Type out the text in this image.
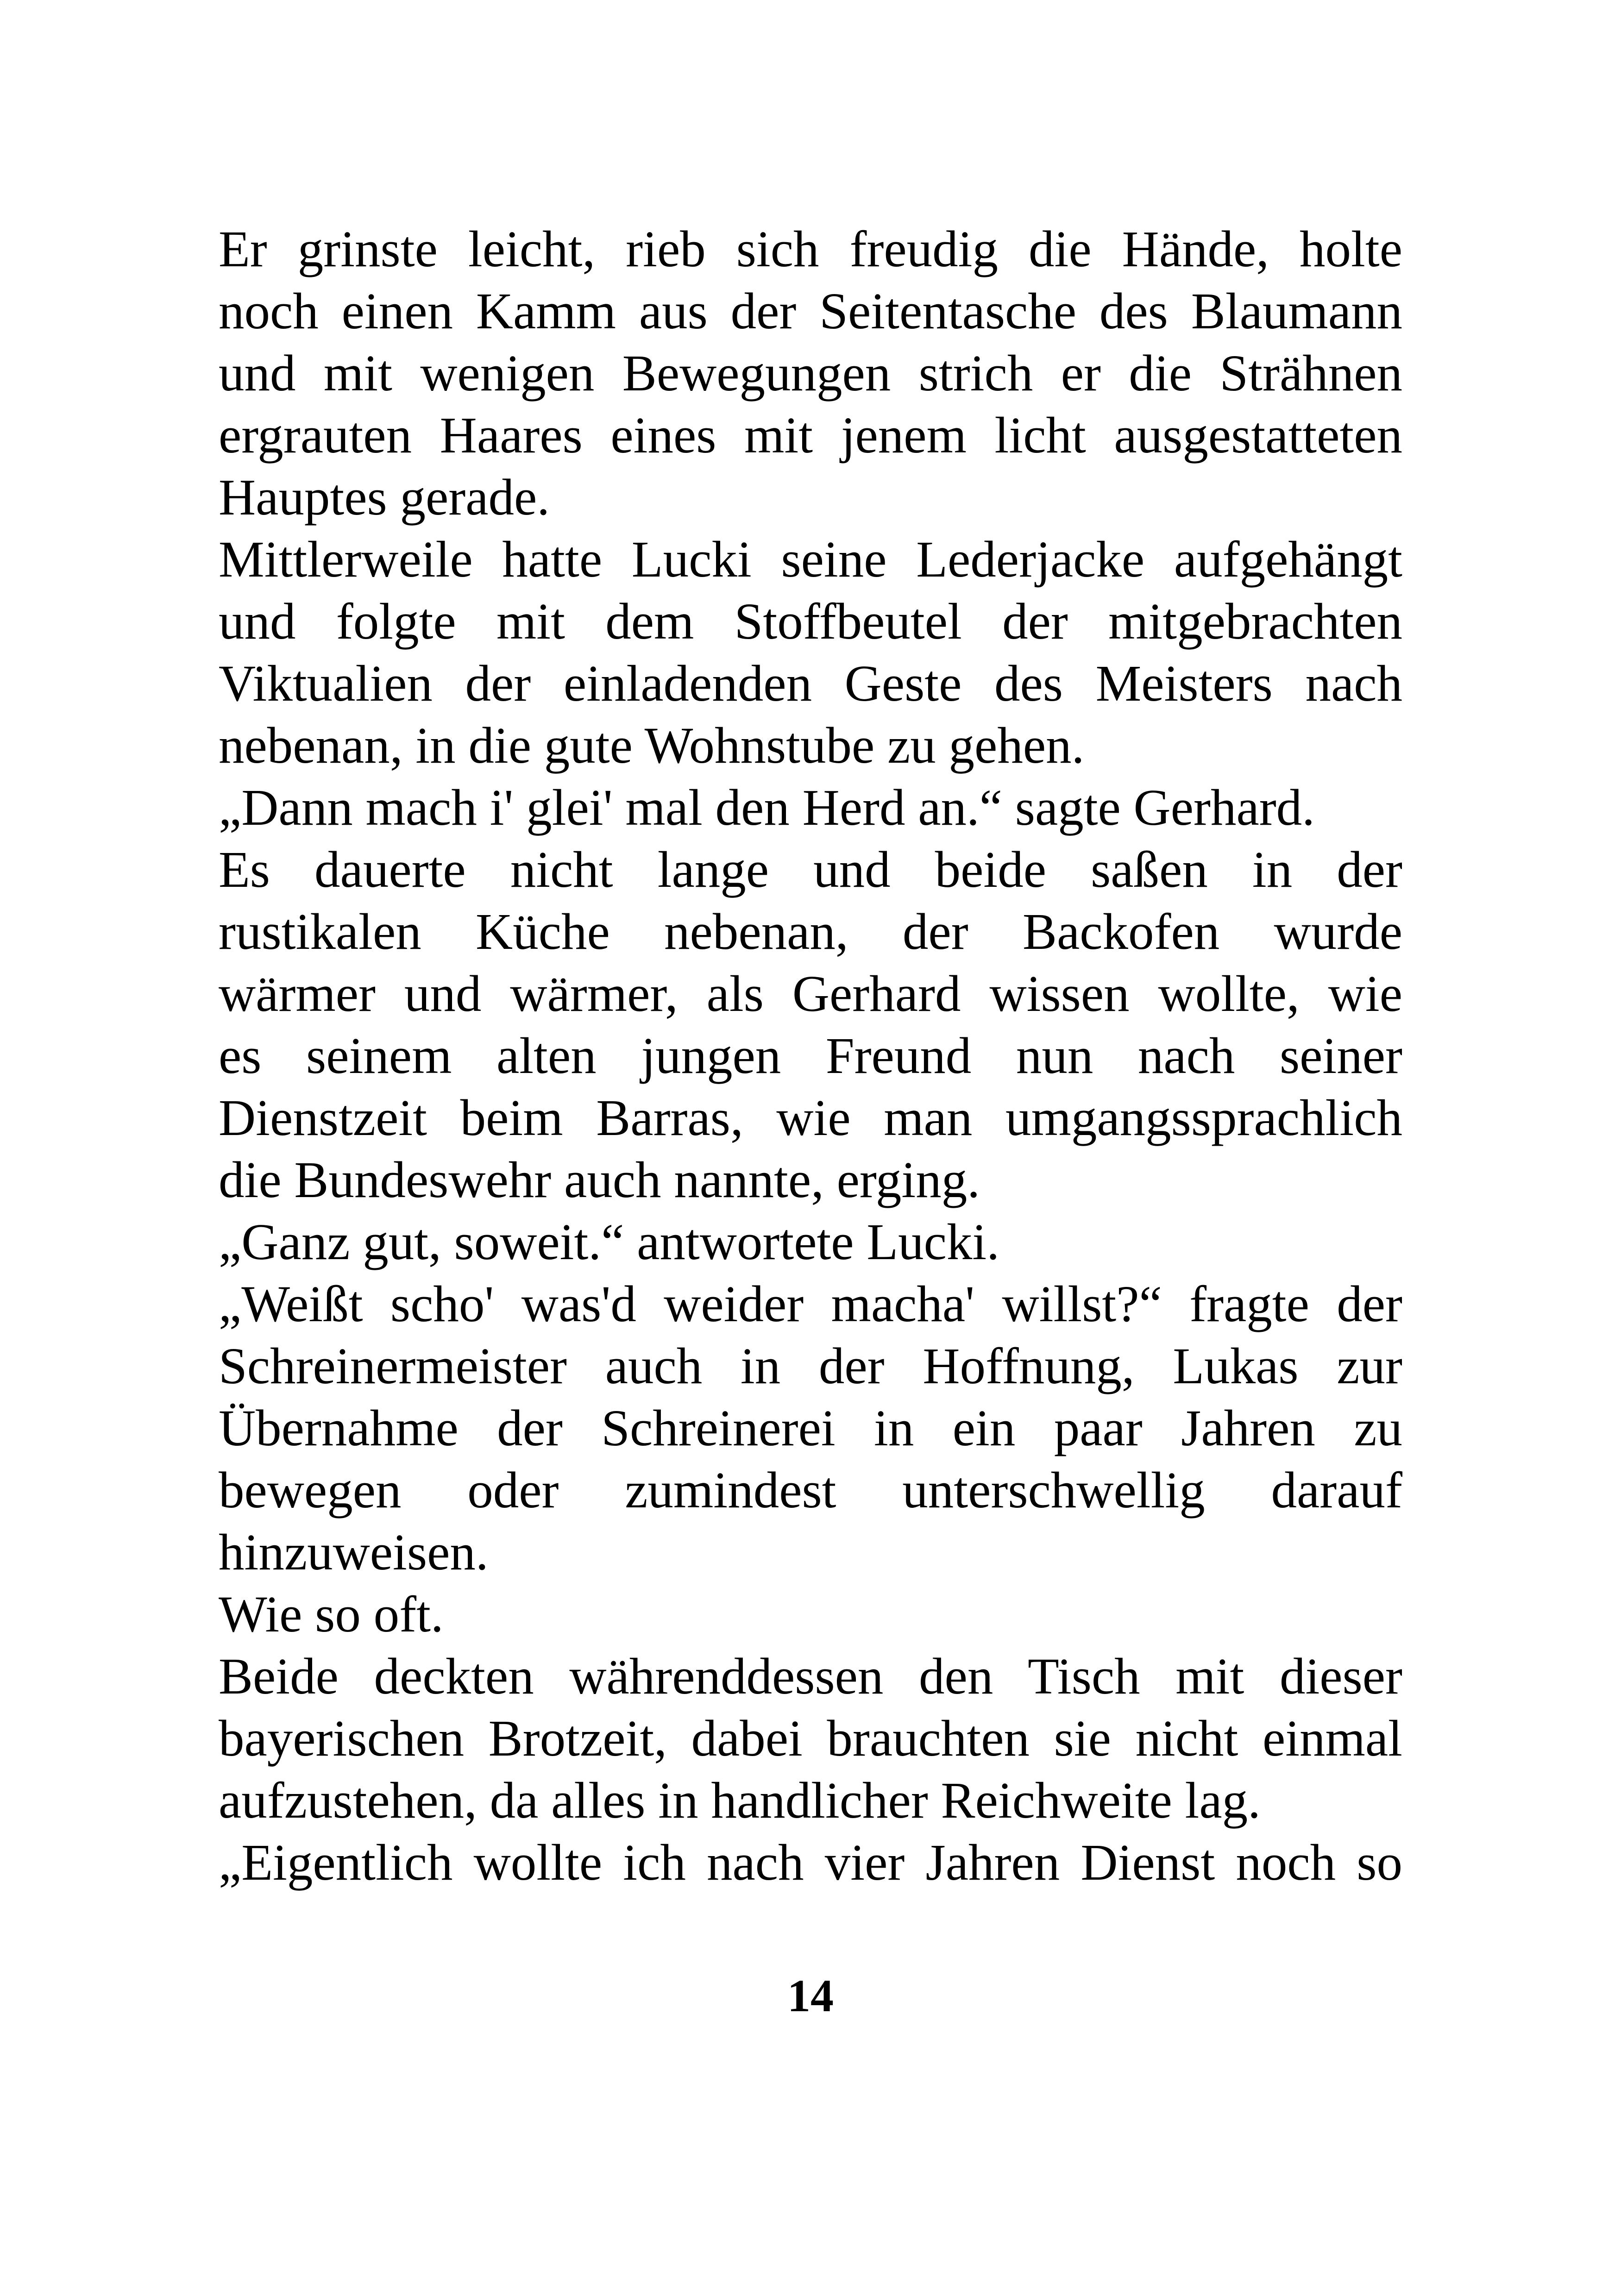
Er grinste leicht, rieb sich freudig die Hände, holte
noch einen Kamm aus der Seitentasche des Blaumann
und mit wenigen Bewegungen strich er die Strähnen
ergrauten Haares eines mit jenem licht ausgestatteten
Hauptes gerade.
Mittlerweile hatte Lucki seine Lederjacke aufgehängt
und folgte mit dem Stoffbeutel der mitgebrachten
Viktualien der einladenden Geste des Meisters nach
nebenan, in die gute Wohnstube zu gehen.
„Dann mach i' glei' mal den Herd an.“ sagte Gerhard.
Es dauerte nicht lange und beide saßen in der
rustikalen Küche nebenan, der Backofen wurde
wärmer und wärmer, als Gerhard wissen wollte, wie
es seinem alten jungen Freund nun nach seiner
Dienstzeit beim Barras, wie man umgangssprachlich
die Bundeswehr auch nannte, erging.
„Ganz gut, soweit.“ antwortete Lucki.
„Weißt scho' was'd weider macha' willst?“ fragte der
Schreinermeister auch in der Hoffnung, Lukas zur
Übernahme der Schreinerei in ein paar Jahren zu
bewegen oder zumindest unterschwellig darauf
hinzuweisen.
Wie so oft.
Beide deckten währenddessen den Tisch mit dieser
bayerischen Brotzeit, dabei brauchten sie nicht einmal
aufzustehen, da alles in handlicher Reichweite lag.
„Eigentlich wollte ich nach vier Jahren Dienst noch so
14
